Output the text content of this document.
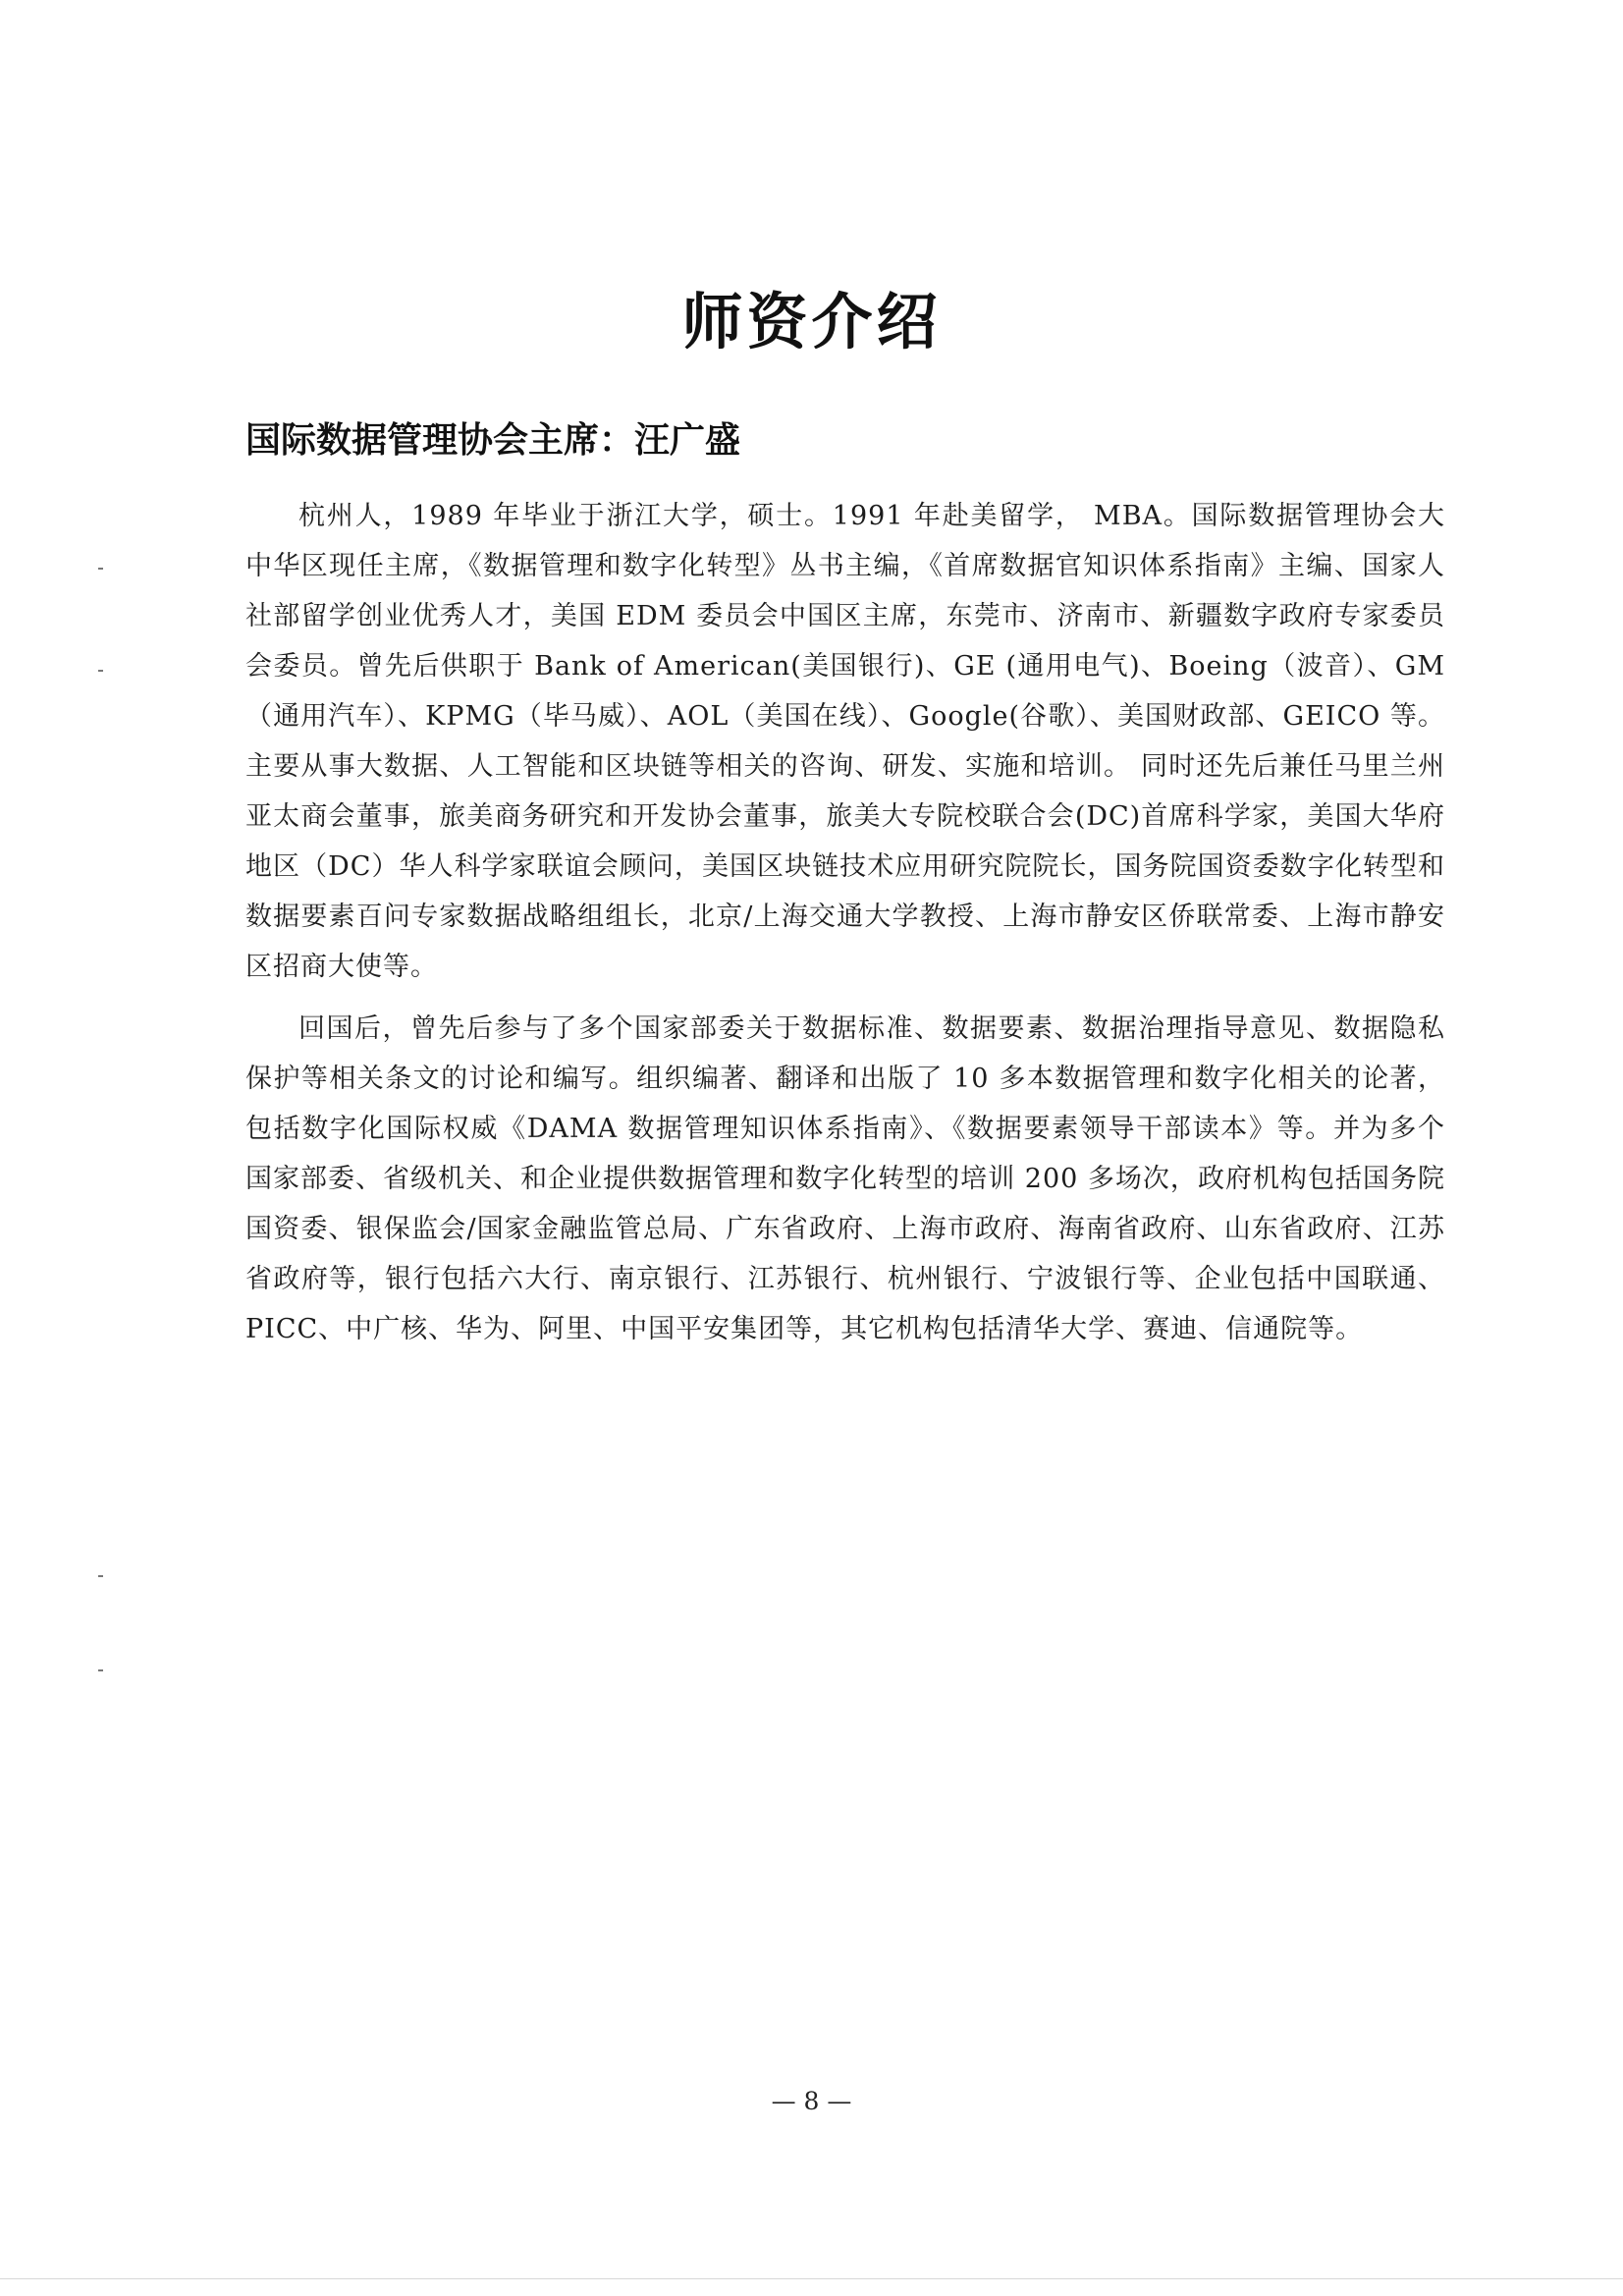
师资介绍
国际数据管理协会主席：汪广盛

杭州人，1989 年毕业于浙江大学，硕士。1991 年赴美留学， MBA。国际数据管理协会大中华区现任主席，《数据管理和数字化转型》丛书主编，《首席数据官知识体系指南》主编、国家人社部留学创业优秀人才，美国 EDM 委员会中国区主席，东莞市、济南市、新疆数字政府专家委员会委员。曾先后供职于 Bank of American(美国银行)、GE (通用电气)、Boeing（波音）、GM（通用汽车）、KPMG（毕马威）、AOL（美国在线）、Google(谷歌）、美国财政部、GEICO 等。主要从事大数据、人工智能和区块链等相关的咨询、研发、实施和培训。 同时还先后兼任马里兰州亚太商会董事，旅美商务研究和开发协会董事，旅美大专院校联合会(DC)首席科学家，美国大华府地区（DC）华人科学家联谊会顾问，美国区块链技术应用研究院院长，国务院国资委数字化转型和数据要素百问专家数据战略组组长，北京/上海交通大学教授、上海市静安区侨联常委、上海市静安区招商大使等。

回国后，曾先后参与了多个国家部委关于数据标准、数据要素、数据治理指导意见、数据隐私保护等相关条文的讨论和编写。组织编著、翻译和出版了 10 多本数据管理和数字化相关的论著，包括数字化国际权威《DAMA 数据管理知识体系指南》、《数据要素领导干部读本》等。并为多个国家部委、省级机关、和企业提供数据管理和数字化转型的培训 200 多场次，政府机构包括国务院国资委、银保监会/国家金融监管总局、广东省政府、上海市政府、海南省政府、山东省政府、江苏省政府等，银行包括六大行、南京银行、江苏银行、杭州银行、宁波银行等、企业包括中国联通、PICC、中广核、华为、阿里、中国平安集团等，其它机构包括清华大学、赛迪、信通院等。

— 8 —
